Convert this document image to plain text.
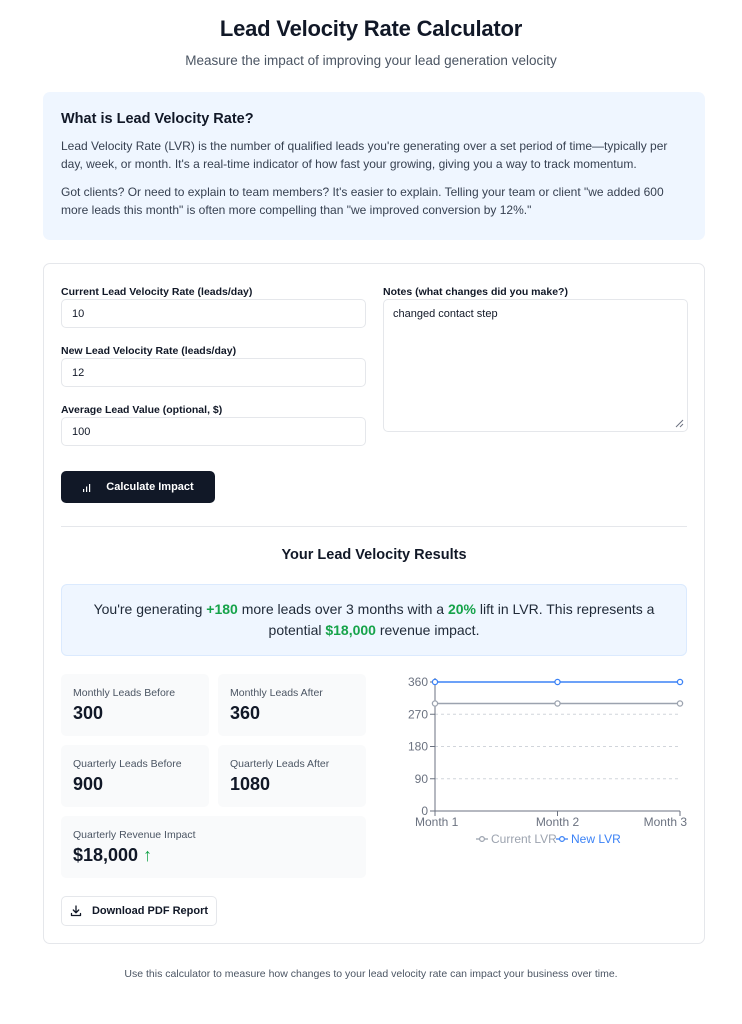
Lead Velocity Rate Calculator
Measure the impact of improving your lead generation velocity
What is Lead Velocity Rate?

Lead Velocity Rate (LVR) is the number of qualified leads you're generating over a set period of time—typically per day, week, or month. It's a real-time indicator of how fast your growing, giving you a way to track momentum.

Got clients? Or need to explain to team members? It's easier to explain. Telling your team or client "we added 600 more leads this month" is often more compelling than "we improved conversion by 12%."

Current Lead Velocity Rate (leads/day)
10
New Lead Velocity Rate (leads/day)
12
Average Lead Value (optional, $)
100
Notes (what changes did you make?)
changed contact step
Calculate Impact
Your Lead Velocity Results
You're generating +180 more leads over 3 months with a 20% lift in LVR. This represents a potential $18,000 revenue impact.
Monthly Leads Before
300
Monthly Leads After
360
Quarterly Leads Before
900
Quarterly Leads After
1080
Quarterly Revenue Impact
$18,000 ↑
0
90
180
270
360
Month 1	Month 2	Month 3
Current LVR New LVR
Download PDF Report
Use this calculator to measure how changes to your lead velocity rate can impact your business over time.
